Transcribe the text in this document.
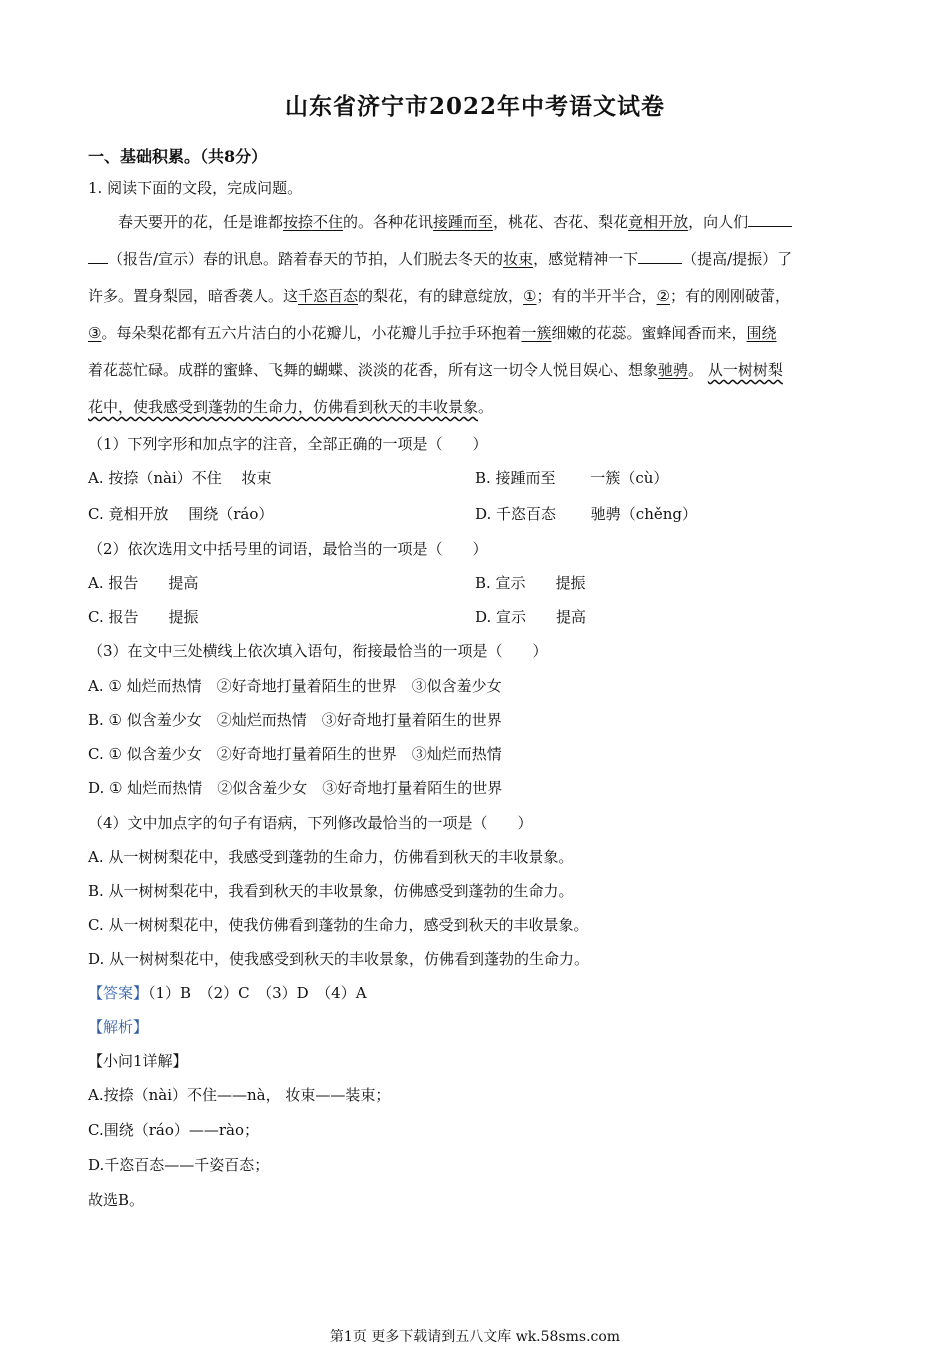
山东省济宁市2022年中考语文试卷
一、基础积累。（共8分）
1. 阅读下面的文段，完成问题。

春天要开的花，任是谁都按捺不住的。各种花讯接踵而至，桃花、杏花、梨花竟相开放，向人们

（报告/宣示）春的讯息。踏着春天的节拍，人们脱去冬天的妆束，感觉精神一下	（提高/提振）了
许多。置身梨园，暗香袭人。这千恣百态的梨花，有的肆意绽放，①；有的半开半合，②；有的刚刚破蕾，
③。每朵梨花都有五六片洁白的小花瓣儿，小花瓣儿手拉手环抱着一簇细嫩的花蕊。蜜蜂闻香而来，围绕
着花蕊忙碌。成群的蜜蜂、飞舞的蝴蝶、淡淡的花香，所有这一切令人悦目娱心、想象驰骋。 从一树树梨
花中，使我感受到蓬勃的生命力，仿佛看到秋天的丰收景象。
（1）下列字形和加点字的注音，全部正确的一项是（　　）
A. 按捺（nài）不住　 妆束	B. 接踵而至　　 一簇（cù）
C. 竟相开放　 围绕（ráo）	D. 千恣百态　　 驰骋（chěng）
（2）依次选用文中括号里的词语，最恰当的一项是（　　）
A. 报告　　提高	B. 宣示　　提振
C. 报告　　提振	D. 宣示　　提高
（3）在文中三处横线上依次填入语句，衔接最恰当的一项是（　　）
A. ① 灿烂而热情　②好奇地打量着陌生的世界　③似含羞少女
B. ① 似含羞少女　②灿烂而热情　③好奇地打量着陌生的世界
C. ① 似含羞少女　②好奇地打量着陌生的世界　③灿烂而热情
D. ① 灿烂而热情　②似含羞少女　③好奇地打量着陌生的世界
（4）文中加点字的句子有语病，下列修改最恰当的一项是（　　）
A. 从一树树梨花中，我感受到蓬勃的生命力，仿佛看到秋天的丰收景象。
B. 从一树树梨花中，我看到秋天的丰收景象，仿佛感受到蓬勃的生命力。
C. 从一树树梨花中，使我仿佛看到蓬勃的生命力，感受到秋天的丰收景象。
D. 从一树树梨花中，使我感受到秋天的丰收景象，仿佛看到蓬勃的生命力。
【答案】（1）B　（2）C　（3）D　（4）A
【解析】
【小问1详解】
A.按捺（nài）不住——nà， 妆束——装束；
C.围绕（ráo）——rào；
D.千恣百态——千姿百态；
故选B。
第1页 更多下载请到五八文库 wk.58sms.com
